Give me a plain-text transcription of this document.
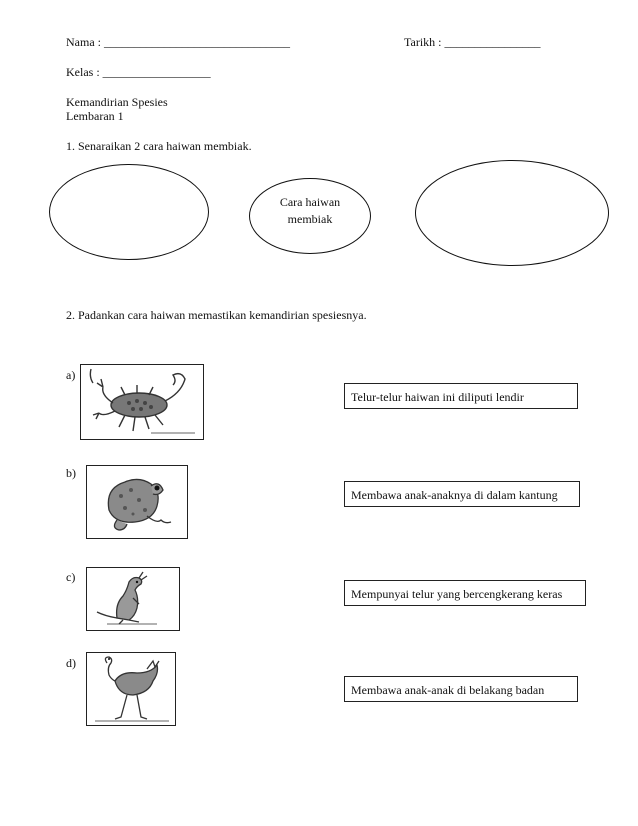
Nama : _______________________________	Tarikh : ________________
Kelas : __________________
Kemandirian Spesies
Lembaran 1
1. Senaraikan 2 cara haiwan membiak.
Cara haiwan
membiak
2. Padankan cara haiwan memastikan kemandirian spesiesnya.
a)
Telur-telur haiwan ini diliputi lendir
b)
Membawa anak-anaknya di dalam kantung
c)
Mempunyai telur yang bercengkerang keras
d)
Membawa anak-anak di belakang badan
